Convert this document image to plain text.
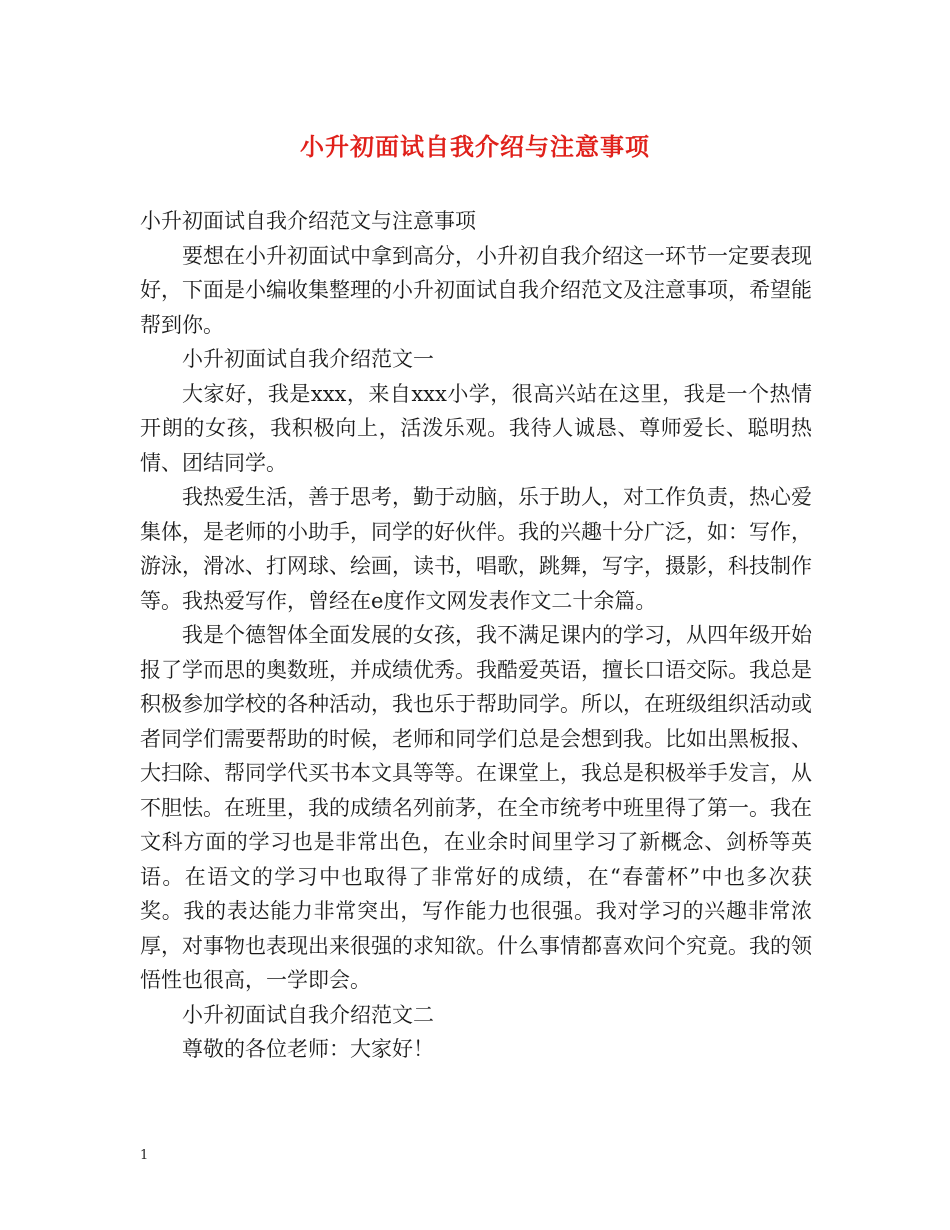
小升初面试自我介绍与注意事项

小升初面试自我介绍范文与注意事项

要想在小升初面试中拿到高分，小升初自我介绍这一环节一定要表现好，下面是小编收集整理的小升初面试自我介绍范文及注意事项，希望能帮到你。

小升初面试自我介绍范文一

大家好，我是xxx，来自xxx小学，很高兴站在这里，我是一个热情开朗的女孩，我积极向上，活泼乐观。我待人诚恳、尊师爱长、聪明热情、团结同学。

我热爱生活，善于思考，勤于动脑，乐于助人，对工作负责，热心爱集体，是老师的小助手，同学的好伙伴。我的兴趣十分广泛，如：写作，游泳，滑冰、打网球、绘画，读书，唱歌，跳舞，写字，摄影，科技制作等。我热爱写作，曾经在e度作文网发表作文二十余篇。

我是个德智体全面发展的女孩，我不满足课内的学习，从四年级开始报了学而思的奥数班，并成绩优秀。我酷爱英语，擅长口语交际。我总是积极参加学校的各种活动，我也乐于帮助同学。所以，在班级组织活动或者同学们需要帮助的时候，老师和同学们总是会想到我。比如出黑板报、大扫除、帮同学代买书本文具等等。在课堂上，我总是积极举手发言，从不胆怯。在班里，我的成绩名列前茅，在全市统考中班里得了第一。我在文科方面的学习也是非常出色，在业余时间里学习了新概念、剑桥等英语。在语文的学习中也取得了非常好的成绩，在“春蕾杯”中也多次获奖。我的表达能力非常突出，写作能力也很强。我对学习的兴趣非常浓厚，对事物也表现出来很强的求知欲。什么事情都喜欢问个究竟。我的领悟性也很高，一学即会。

小升初面试自我介绍范文二

尊敬的各位老师：大家好！

1
